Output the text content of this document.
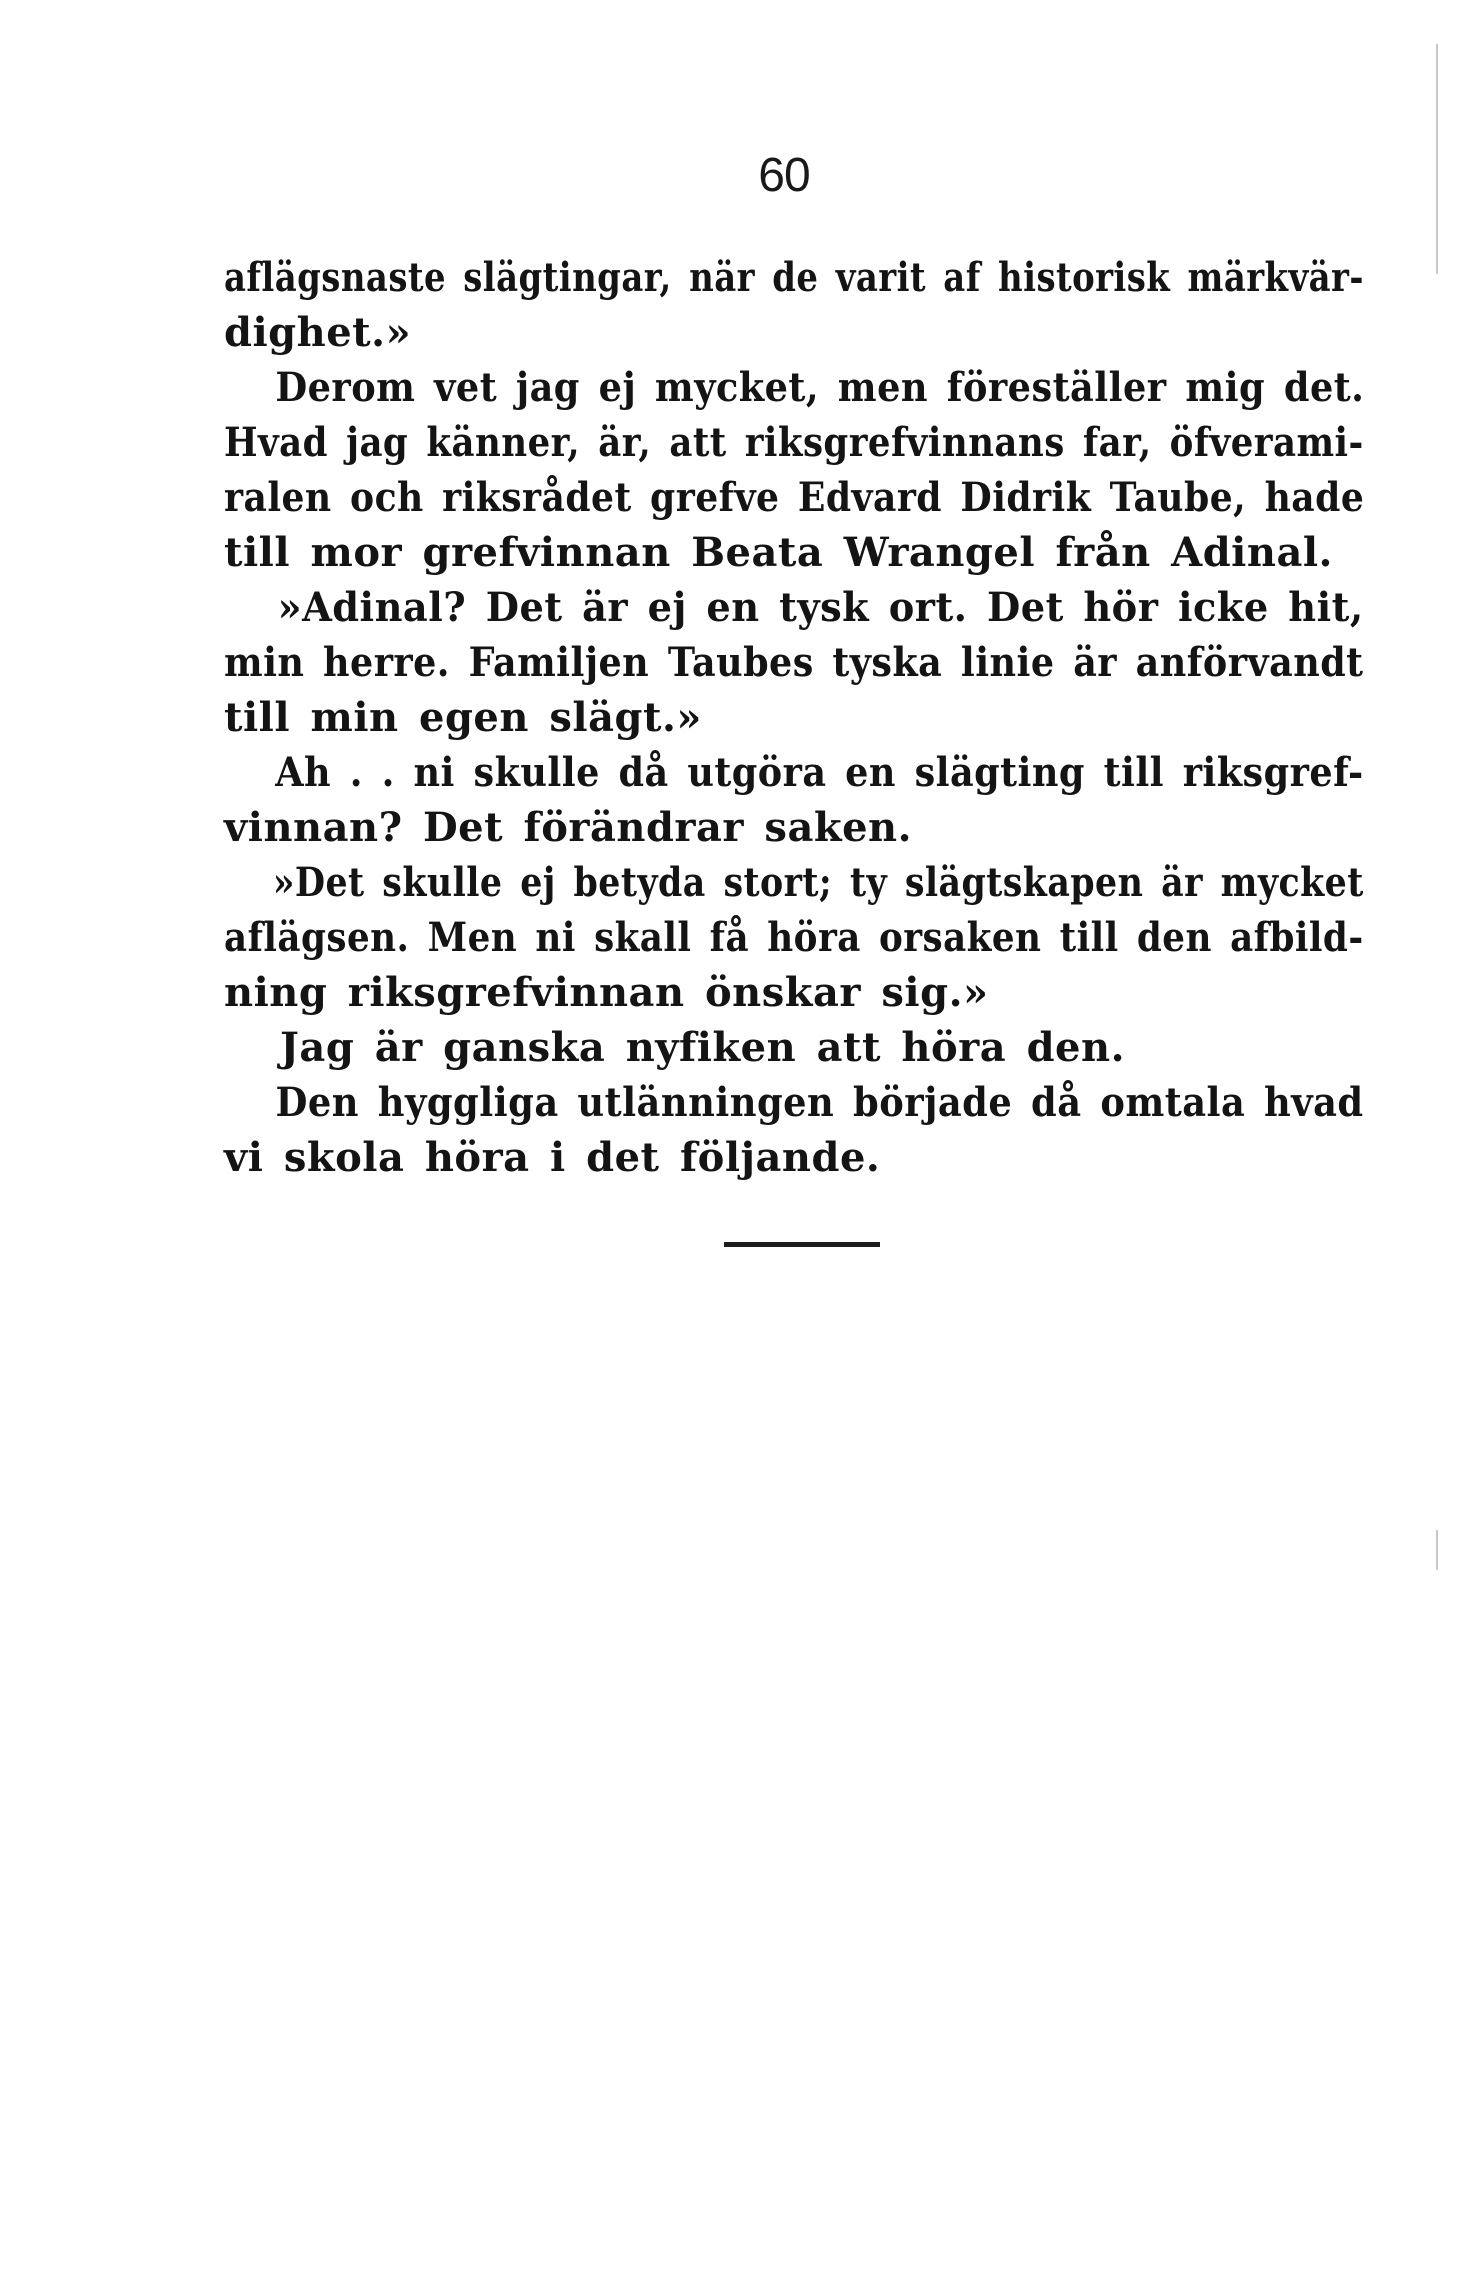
60
aflägsnaste slägtingar, när de varit af historisk märkvär-
dighet.»
Derom vet jag ej mycket, men föreställer mig det.
Hvad jag känner, är, att riksgrefvinnans far, öfverami-
ralen och riksrådet grefve Edvard Didrik Taube, hade
till mor grefvinnan Beata Wrangel från Adinal.
»Adinal? Det är ej en tysk ort. Det hör icke hit,
min herre. Familjen Taubes tyska linie är anförvandt
till min egen slägt.»
Ah . . ni skulle då utgöra en slägting till riksgref-
vinnan? Det förändrar saken.
»Det skulle ej betyda stort; ty slägtskapen är mycket
aflägsen. Men ni skall få höra orsaken till den afbild-
ning riksgrefvinnan önskar sig.»
Jag är ganska nyfiken att höra den.
Den hyggliga utlänningen började då omtala hvad
vi skola höra i det följande.
